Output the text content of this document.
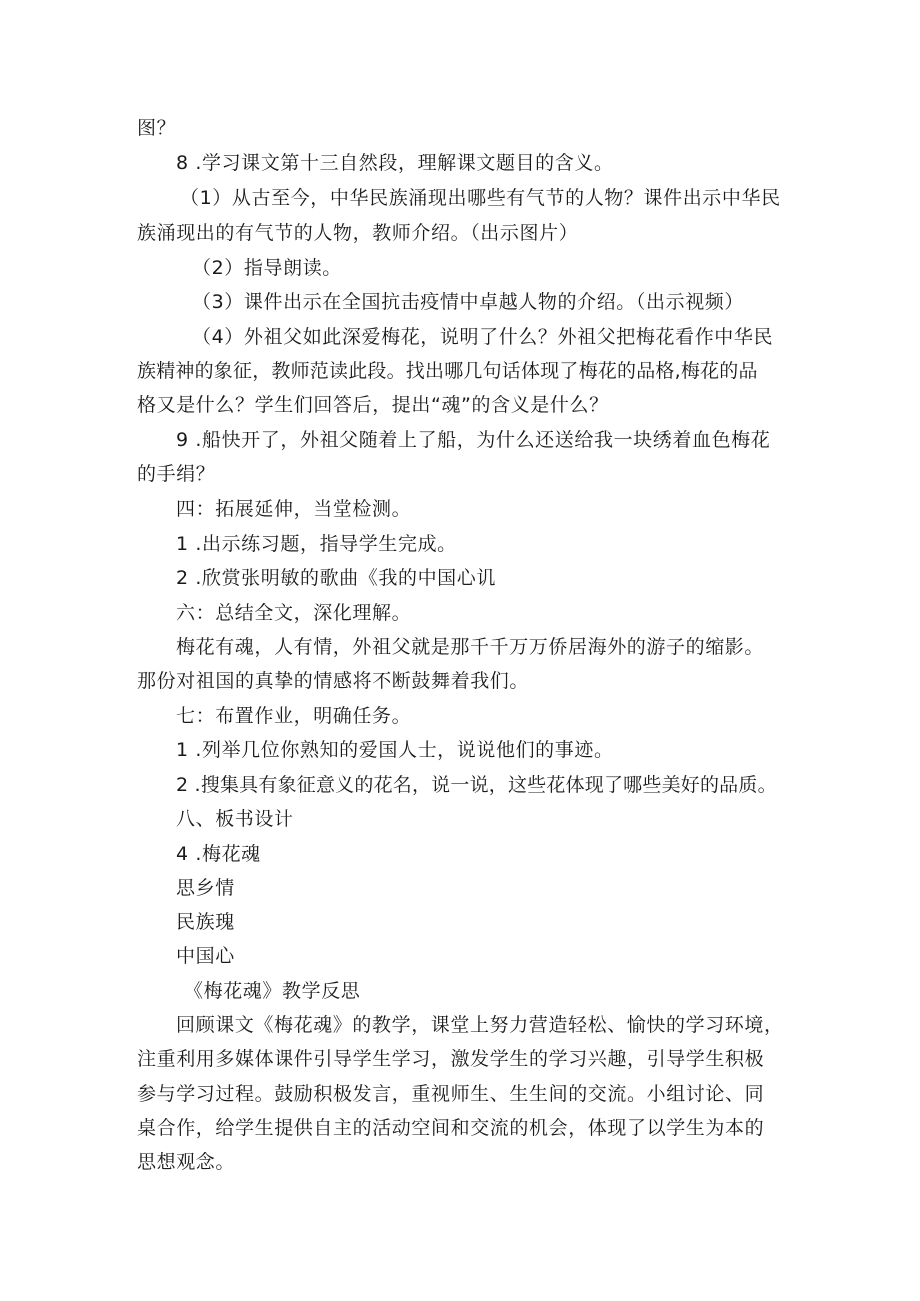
图？
8 .学习课文第十三自然段，理解课文题目的含义。
（1）从古至今，中华民族涌现出哪些有气节的人物？课件出示中华民
族涌现出的有气节的人物，教师介绍。（出示图片）
（2）指导朗读。
（3）课件出示在全国抗击疫情中卓越人物的介绍。（出示视频）
（4）外祖父如此深爱梅花，说明了什么？外祖父把梅花看作中华民
族精神的象征，教师范读此段。找出哪几句话体现了梅花的品格,梅花的品
格又是什么？学生们回答后，提出“魂”的含义是什么？
9 .船快开了，外祖父随着上了船，为什么还送给我一块绣着血色梅花
的手绢？
四：拓展延伸，当堂检测。
1 .出示练习题，指导学生完成。
2 .欣赏张明敏的歌曲《我的中国心讥
六：总结全文，深化理解。
梅花有魂，人有情，外祖父就是那千千万万侨居海外的游子的缩影。
那份对祖国的真挚的情感将不断鼓舞着我们。
七：布置作业，明确任务。
1 .列举几位你熟知的爱国人士，说说他们的事迹。
2 .搜集具有象征意义的花名，说一说，这些花体现了哪些美好的品质。
八、板书设计
4 .梅花魂
思乡情
民族瑰
中国心
《梅花魂》教学反思
回顾课文《梅花魂》的教学，课堂上努力营造轻松、愉快的学习环境，
注重利用多媒体课件引导学生学习，激发学生的学习兴趣，引导学生积极
参与学习过程。鼓励积极发言，重视师生、生生间的交流。小组讨论、同
桌合作，给学生提供自主的活动空间和交流的机会，体现了以学生为本的
思想观念。
